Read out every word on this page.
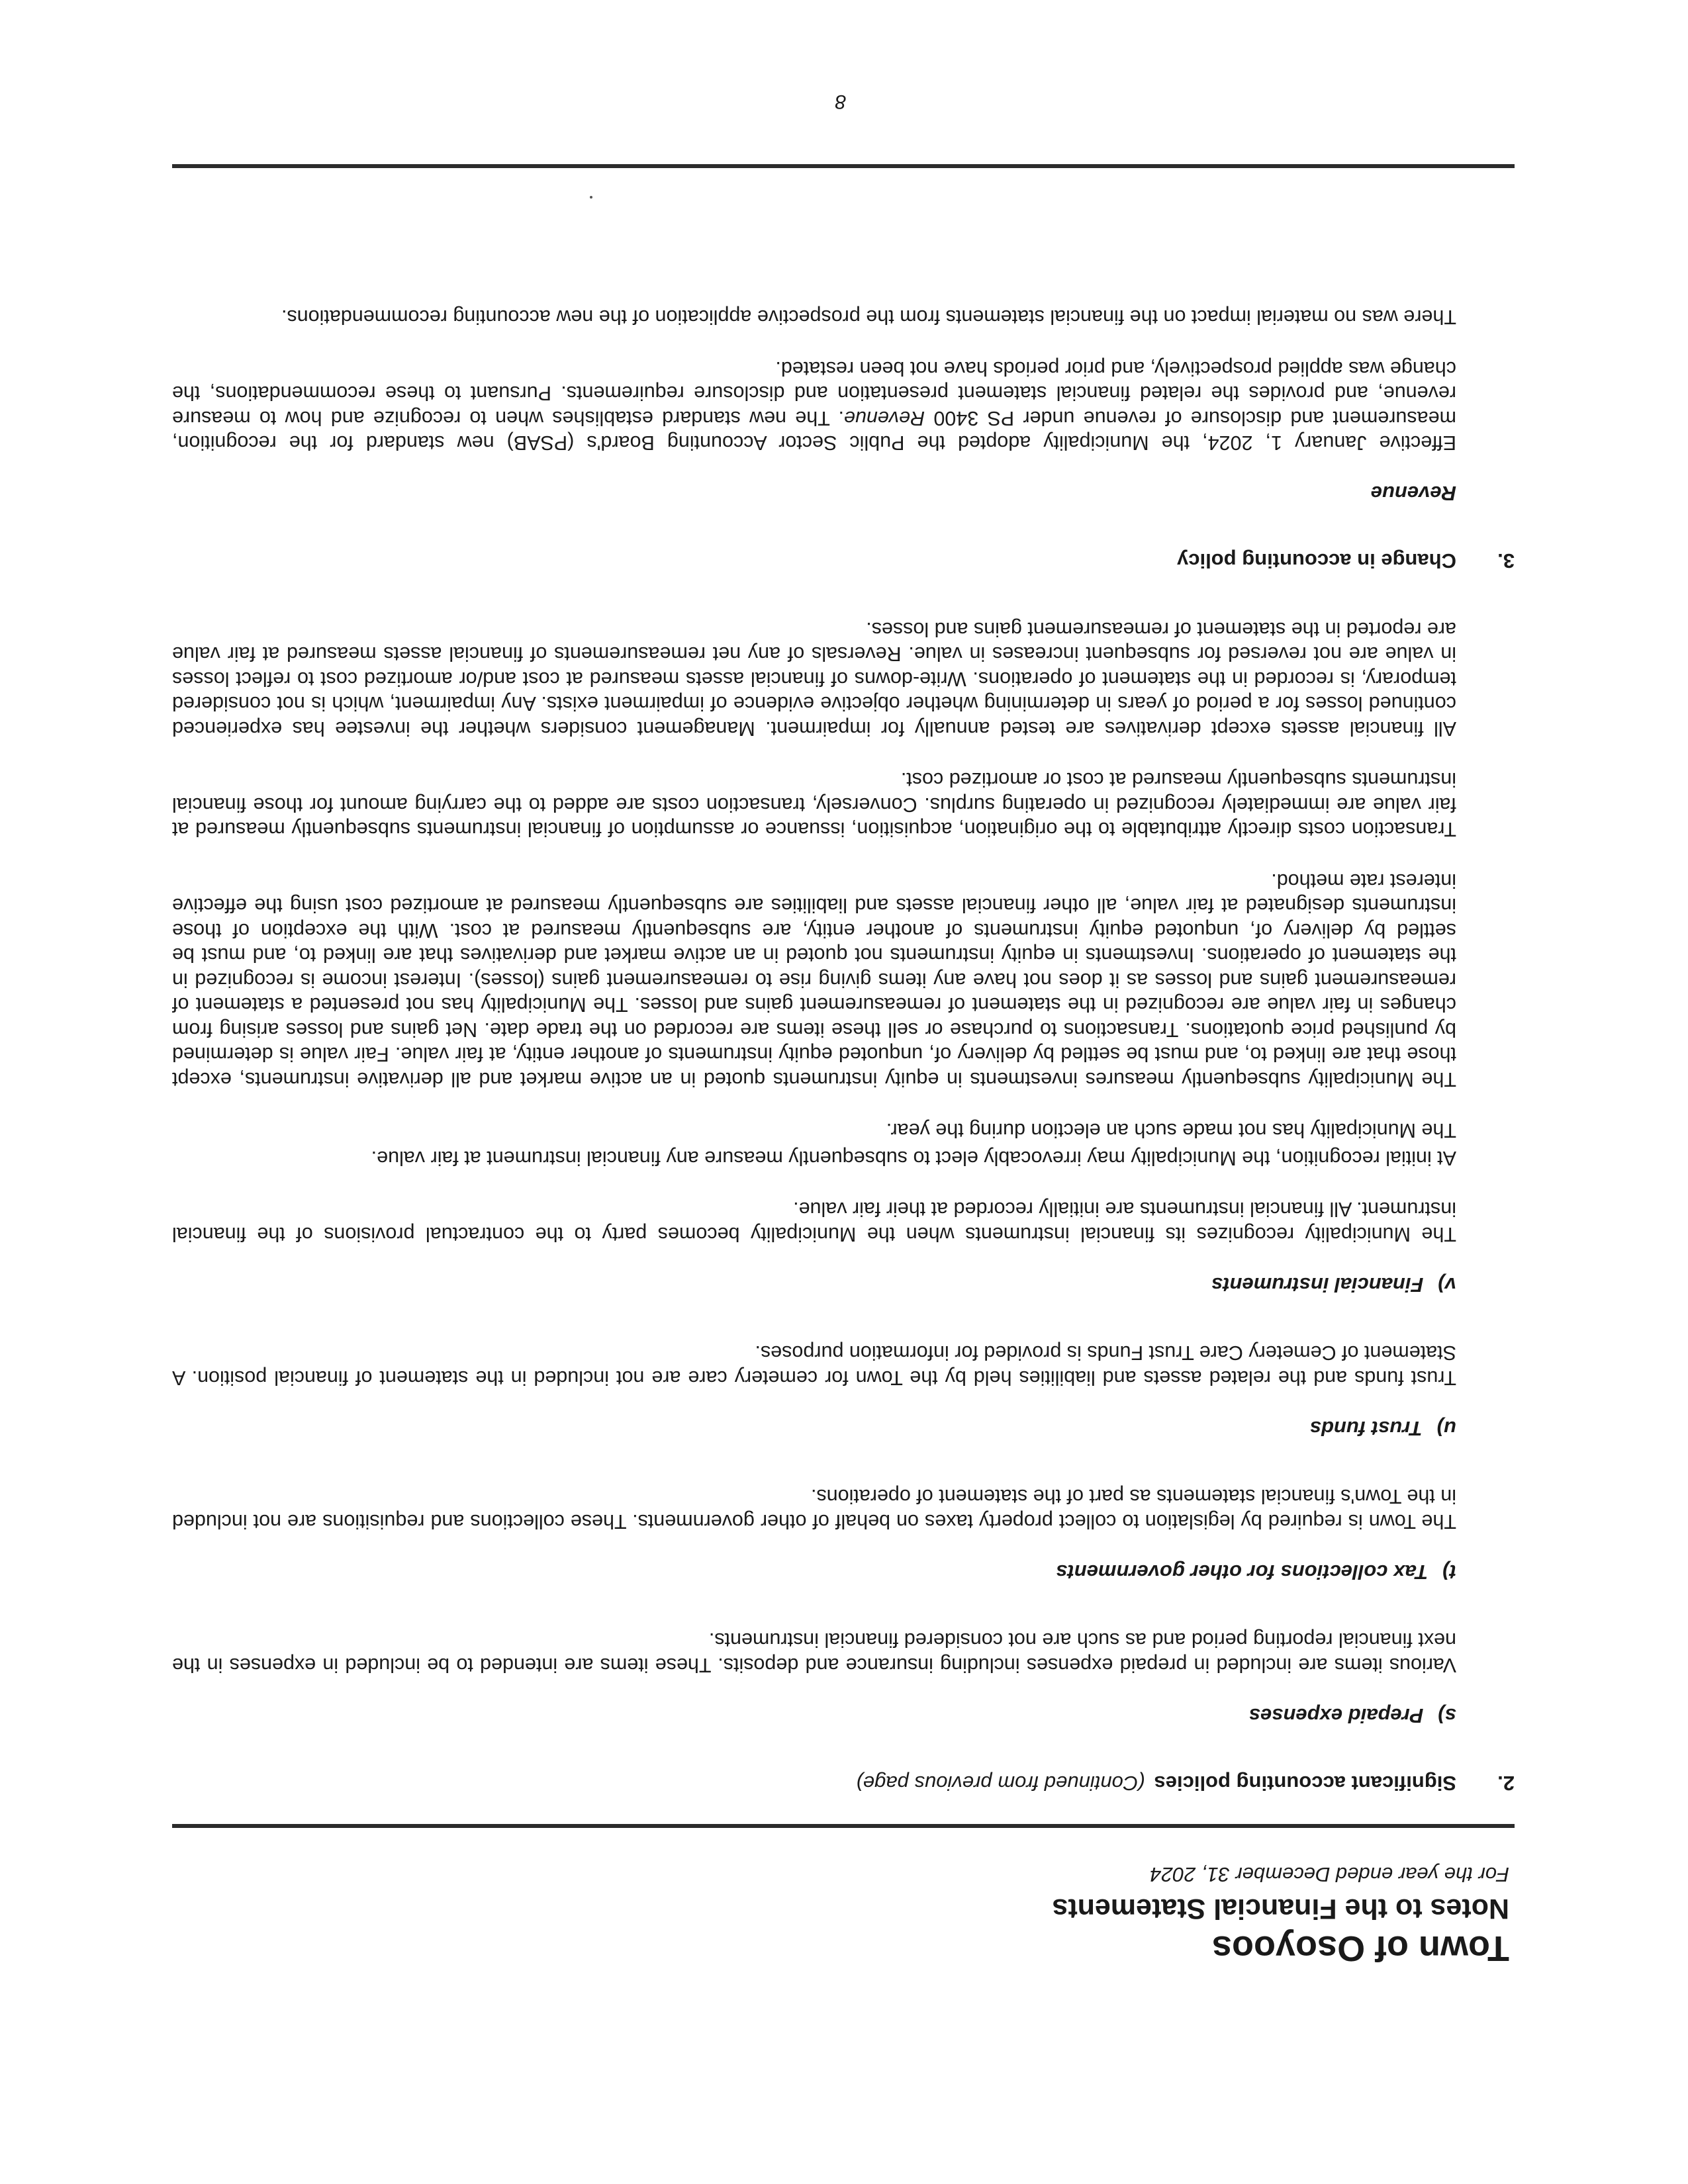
Town of Osoyoos
Notes to the Financial Statements
For the year ended December 31, 2024
2.
Significant accounting policies
(Continued from previous page)
s)Prepaid expenses
Various items are included in prepaid expenses including insurance and deposits. These items are intended to be included in expenses in the next financial reporting period and as such are not considered financial instruments.
t)Tax collections for other governments
The Town is required by legislation to collect property taxes on behalf of other governments. These collections and requisitions are not included in the Town's financial statements as part of the statement of operations.
u)Trust funds
Trust funds and the related assets and liabilities held by the Town for cemetery care are not included in the statement of financial position. A Statement of Cemetery Care Trust Funds is provided for information purposes.
v)Financial instruments
The Municipality recognizes its financial instruments when the Municipality becomes party to the contractual provisions of the financial instrument. All financial instruments are initially recorded at their fair value.
At initial recognition, the Municipality may irrevocably elect to subsequently measure any financial instrument at fair value.
The Municipality has not made such an election during the year.
The Municipality subsequently measures investments in equity instruments quoted in an active market and all derivative instruments, except those that are linked to, and must be settled by delivery of, unquoted equity instruments of another entity, at fair value. Fair value is determined by punlished price quotations. Transactions to purchase or sell these items are recorded on the trade date. Net gains and losses arising from changes in fair value are recognized in the statement of remeasurement gains and losses. The Municipality has not presented a statement of remeasurement gains and losses as it does not have any items giving rise to remeasurement gains (losses). Interest income is recognized in the statement of operations. Investments in equity instruments not quoted in an active market and derivatives that are linked to, and must be settled by delivery of, unquoted equity instruments of another entity, are subsequently measured at cost. With the exception of those instruments designated at fair value, all other financial assets and liabilities are subsequently measured at amortized cost using the effective interest rate method.
Transaction costs directly attributable to the origination, acquisition, issuance or assumption of financial instruments subsequently measured at fair value are immediately recognized in operating surplus. Conversely, transaction costs are added to the carrying amount for those financial instruments subsequently measured at cost or amortized cost.
All financial assets except derivatives are tested annually for impairment. Management considers whether the investee has experienced continued losses for a period of years in determining whether objective evidence of impairment exists. Any impairment, which is not considered temporary, is recorded in the statement of operations. Write-downs of financial assets measured at cost and/or amortized cost to reflect losses in value are not reversed for subsequent increases in value. Reversals of any net remeasurements of financial assets measured at fair value are reported in the statement of remeasurement gains and losses.
3.
Change in accounting policy
Revenue
Effective January 1, 2024, the Municipality adopted the Public Sector Accounting Board's (PSAB) new standard for the recognition, measurement and disclosure of revenue under PS 3400 Revenue. The new standard establishes when to recognize and how to measure revenue, and provides the related financial statement presentation and disclosure requirements. Pursuant to these recommendations, the change was applied prospectively, and prior periods have not been restated.
There was no material impact on the financial statements from the prospective application of the new accounting recommendations.
8
